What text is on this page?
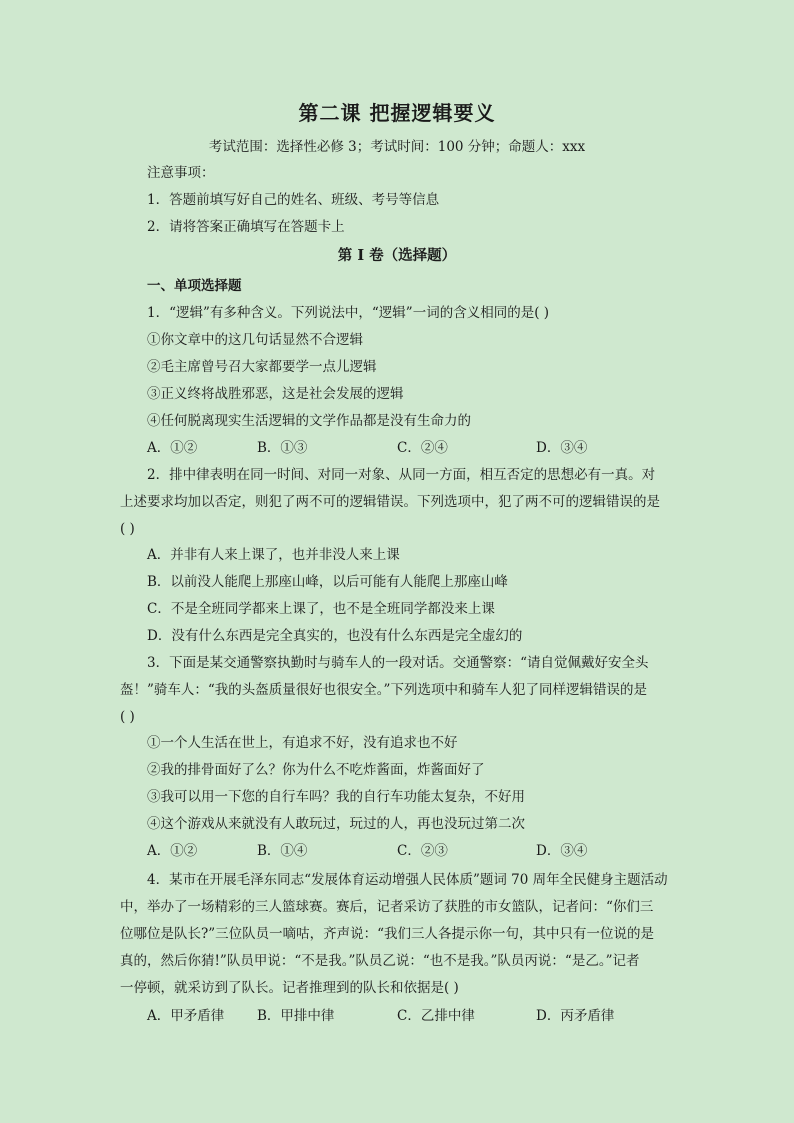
第二课 把握逻辑要义
考试范围：选择性必修 3；考试时间：100 分钟；命题人：xxx
注意事项：
1．答题前填写好自己的姓名、班级、考号等信息
2．请将答案正确填写在答题卡上
第 I 卷（选择题）
一、单项选择题
1．“逻辑”有多种含义。下列说法中，“逻辑”一词的含义相同的是( )
①你文章中的这几句话显然不合逻辑
②毛主席曾号召大家都要学一点儿逻辑
③正义终将战胜邪恶，这是社会发展的逻辑
④任何脱离现实生活逻辑的文学作品都是没有生命力的
A．①②	B．①③	C．②④	D．③④
2．排中律表明在同一时间、对同一对象、从同一方面，相互否定的思想必有一真。对
上述要求均加以否定，则犯了两不可的逻辑错误。下列选项中，犯了两不可的逻辑错误的是
( )
A．并非有人来上课了，也并非没人来上课
B．以前没人能爬上那座山峰，以后可能有人能爬上那座山峰
C．不是全班同学都来上课了，也不是全班同学都没来上课
D．没有什么东西是完全真实的，也没有什么东西是完全虚幻的
3．下面是某交通警察执勤时与骑车人的一段对话。交通警察：“请自觉佩戴好安全头
盔！”骑车人：“我的头盔质量很好也很安全。”下列选项中和骑车人犯了同样逻辑错误的是
( )
①一个人生活在世上，有追求不好，没有追求也不好
②我的排骨面好了么？你为什么不吃炸酱面，炸酱面好了
③我可以用一下您的自行车吗？我的自行车功能太复杂，不好用
④这个游戏从来就没有人敢玩过，玩过的人，再也没玩过第二次
A．①②	B．①④	C．②③	D．③④
4．某市在开展毛泽东同志“发展体育运动增强人民体质”题词 70 周年全民健身主题活动
中，举办了一场精彩的三人篮球赛。赛后，记者采访了获胜的市女篮队，记者问：“你们三
位哪位是队长?”三位队员一嘀咕，齐声说：“我们三人各提示你一句，其中只有一位说的是
真的，然后你猜!”队员甲说：“不是我。”队员乙说：“也不是我。”队员丙说：“是乙。”记者
一停顿，就采访到了队长。记者推理到的队长和依据是( )
A．甲矛盾律 B．甲排中律	C．乙排中律	D．丙矛盾律
